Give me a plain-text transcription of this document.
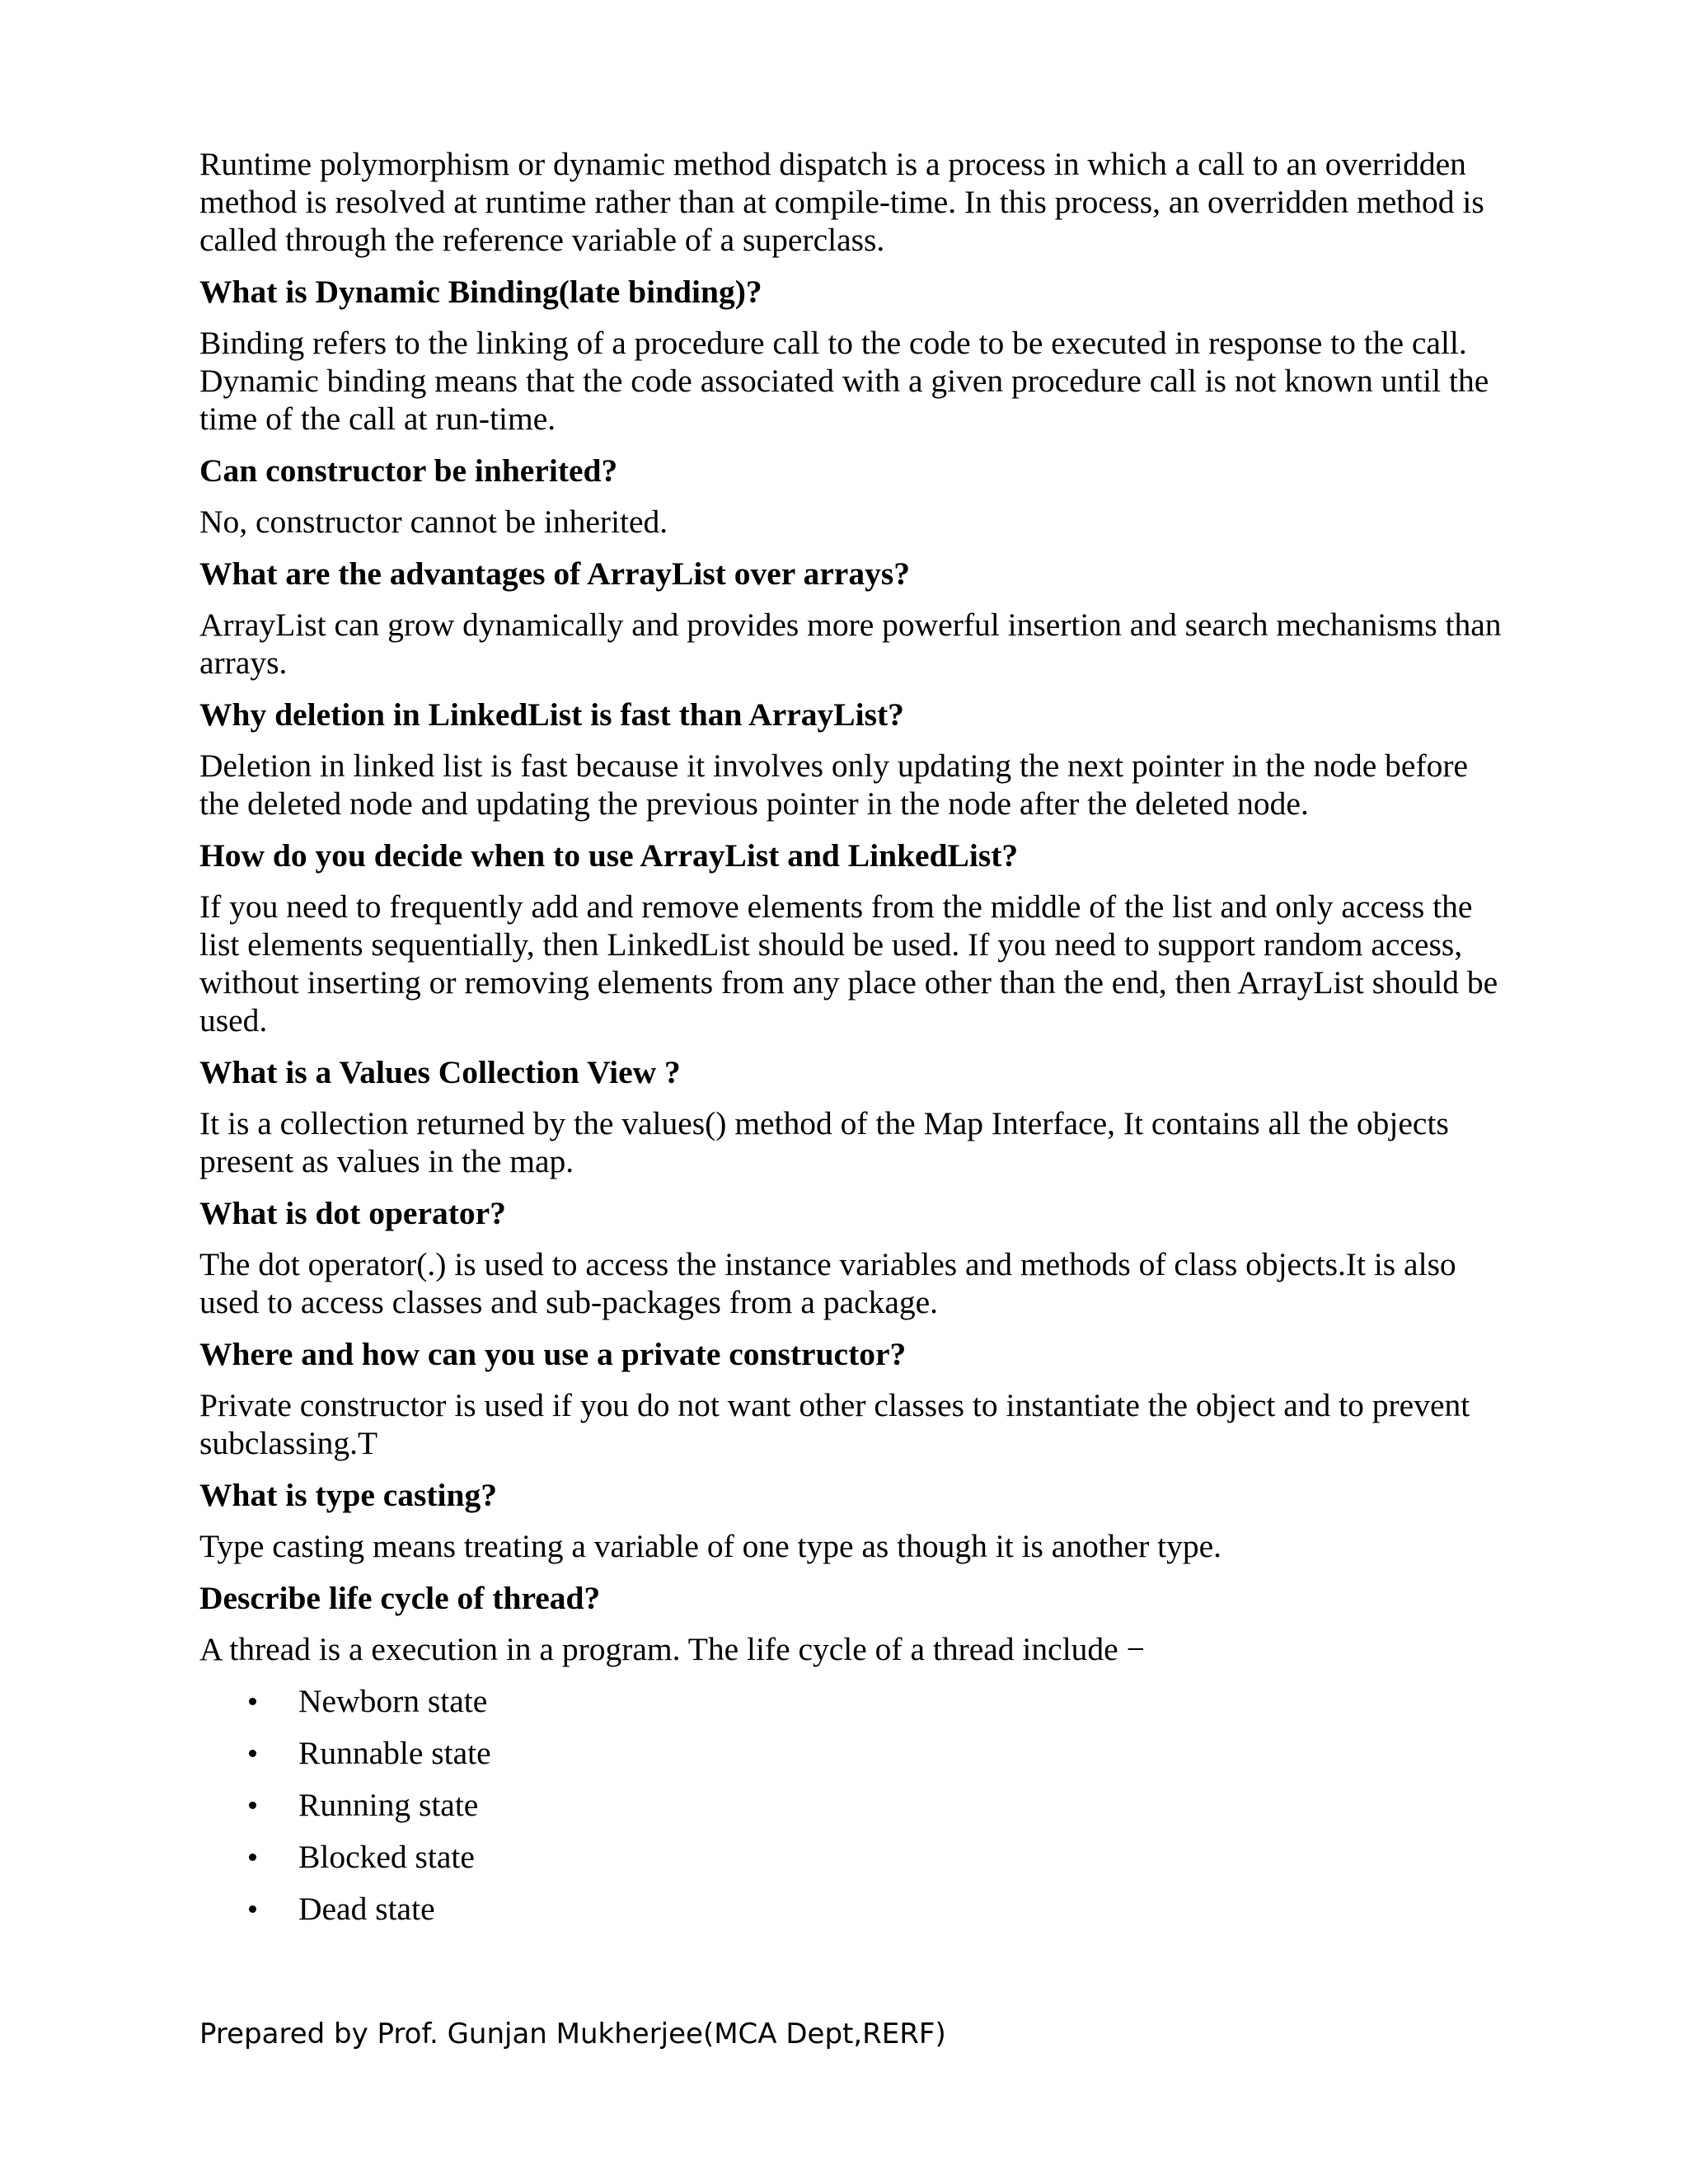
Runtime polymorphism or dynamic method dispatch is a process in which a call to an overridden method is resolved at runtime rather than at compile-time. In this process, an overridden method is called through the reference variable of a superclass.

What is Dynamic Binding(late binding)?

Binding refers to the linking of a procedure call to the code to be executed in response to the call. Dynamic binding means that the code associated with a given procedure call is not known until the time of the call at run-time.

Can constructor be inherited?

No, constructor cannot be inherited.

What are the advantages of ArrayList over arrays?

ArrayList can grow dynamically and provides more powerful insertion and search mechanisms than arrays.

Why deletion in LinkedList is fast than ArrayList?

Deletion in linked list is fast because it involves only updating the next pointer in the node before the deleted node and updating the previous pointer in the node after the deleted node.

How do you decide when to use ArrayList and LinkedList?

If you need to frequently add and remove elements from the middle of the list and only access the list elements sequentially, then LinkedList should be used. If you need to support random access, without inserting or removing elements from any place other than the end, then ArrayList should be used.

What is a Values Collection View ?

It is a collection returned by the values() method of the Map Interface, It contains all the objects present as values in the map.

What is dot operator?

The dot operator(.) is used to access the instance variables and methods of class objects.It is also used to access classes and sub-packages from a package.

Where and how can you use a private constructor?

Private constructor is used if you do not want other classes to instantiate the object and to prevent subclassing.T

What is type casting?

Type casting means treating a variable of one type as though it is another type.

Describe life cycle of thread?

A thread is a execution in a program. The life cycle of a thread include −

Newborn state
Runnable state
Running state
Blocked state
Dead state
Prepared by Prof. Gunjan Mukherjee(MCA Dept,RERF)
